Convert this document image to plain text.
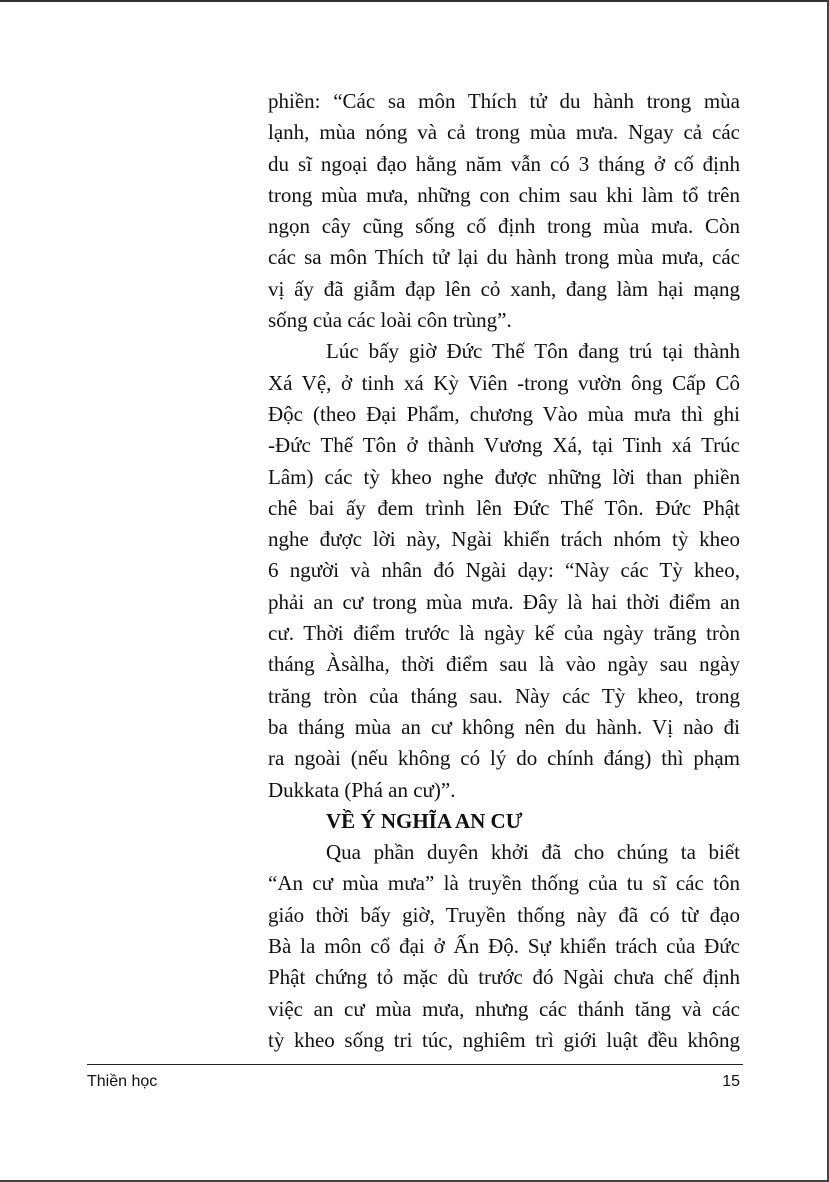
phiền: “Các sa môn Thích tử du hành trong mùa
lạnh, mùa nóng và cả trong mùa mưa. Ngay cả các
du sĩ ngoại đạo hằng năm vẫn có 3 tháng ở cố định
trong mùa mưa, những con chim sau khi làm tổ trên
ngọn cây cũng sống cố định trong mùa mưa. Còn
các sa môn Thích tử lại du hành trong mùa mưa, các
vị ấy đã giẫm đạp lên cỏ xanh, đang làm hại mạng
sống của các loài côn trùng”.
Lúc bấy giờ Đức Thế Tôn đang trú tại thành
Xá Vệ, ở tinh xá Kỳ Viên -trong vườn ông Cấp Cô
Độc (theo Đại Phẩm, chương Vào mùa mưa thì ghi
-Đức Thế Tôn ở thành Vương Xá, tại Tinh xá Trúc
Lâm) các tỳ kheo nghe được những lời than phiền
chê bai ấy đem trình lên Đức Thế Tôn. Đức Phật
nghe được lời này, Ngài khiển trách nhóm tỳ kheo
6 người và nhân đó Ngài dạy: “Này các Tỳ kheo,
phải an cư trong mùa mưa. Đây là hai thời điểm an
cư. Thời điểm trước là ngày kế của ngày trăng tròn
tháng Àsàlha, thời điểm sau là vào ngày sau ngày
trăng tròn của tháng sau. Này các Tỳ kheo, trong
ba tháng mùa an cư không nên du hành. Vị nào đi
ra ngoài (nếu không có lý do chính đáng) thì phạm
Dukkata (Phá an cư)”.
VỀ Ý NGHĨA AN CƯ
Qua phần duyên khởi đã cho chúng ta biết
“An cư mùa mưa” là truyền thống của tu sĩ các tôn
giáo thời bấy giờ, Truyền thống này đã có từ đạo
Bà la môn cổ đại ở Ấn Độ. Sự khiển trách của Đức
Phật chứng tỏ mặc dù trước đó Ngài chưa chế định
việc an cư mùa mưa, nhưng các thánh tăng và các
tỳ kheo sống tri túc, nghiêm trì giới luật đều không
Thiền học	15
